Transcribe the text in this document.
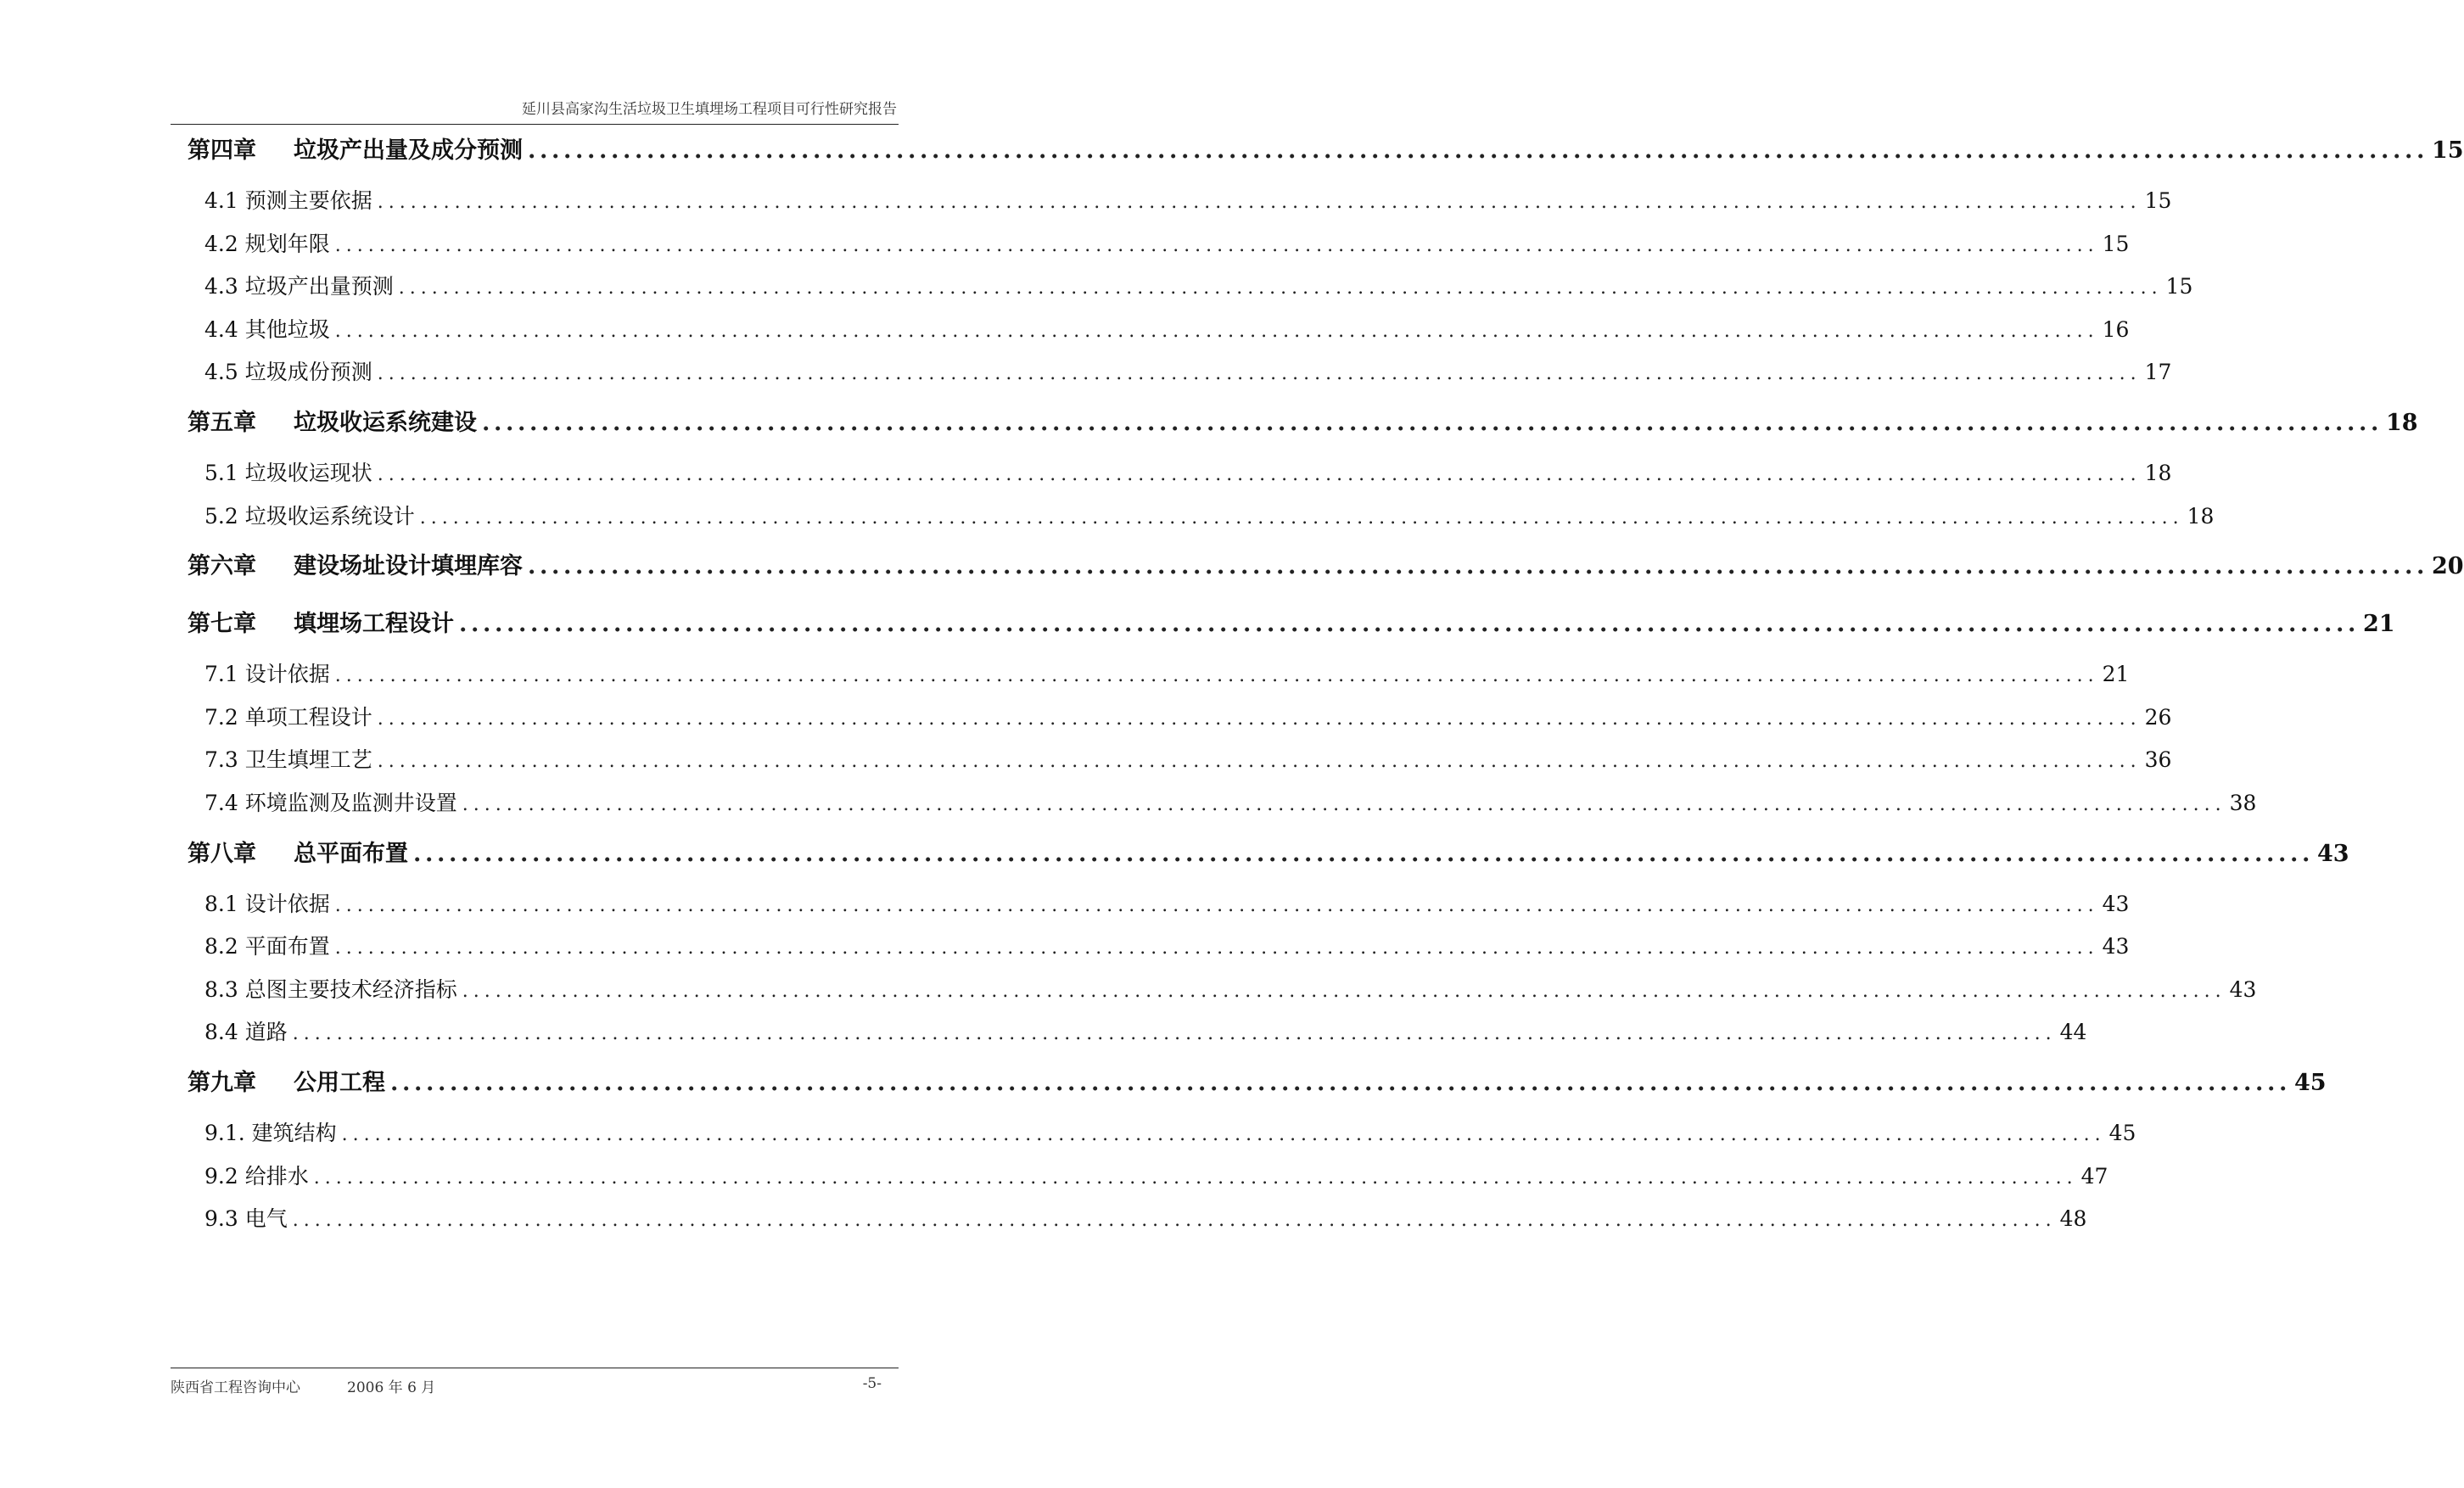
延川县高家沟生活垃圾卫生填埋场工程项目可行性研究报告
第四章 垃圾产出量及成分预测 ................................................................................................................................................................ 15
4.1 预测主要依据 ................................................................................................................................................................ 15
4.2 规划年限 ................................................................................................................................................................ 15
4.3 垃圾产出量预测 ................................................................................................................................................................ 15
4.4 其他垃圾 ................................................................................................................................................................ 16
4.5 垃圾成份预测 ................................................................................................................................................................ 17
第五章 垃圾收运系统建设 ................................................................................................................................................................ 18
5.1 垃圾收运现状 ................................................................................................................................................................ 18
5.2 垃圾收运系统设计 ................................................................................................................................................................ 18
第六章 建设场址设计填埋库容 ................................................................................................................................................................ 20
第七章 填埋场工程设计 ................................................................................................................................................................ 21
7.1 设计依据 ................................................................................................................................................................ 21
7.2 单项工程设计 ................................................................................................................................................................ 26
7.3 卫生填埋工艺 ................................................................................................................................................................ 36
7.4 环境监测及监测井设置 ................................................................................................................................................................ 38
第八章 总平面布置 ................................................................................................................................................................ 43
8.1 设计依据 ................................................................................................................................................................ 43
8.2 平面布置 ................................................................................................................................................................ 43
8.3 总图主要技术经济指标 ................................................................................................................................................................ 43
8.4 道路 ................................................................................................................................................................ 44
第九章 公用工程 ................................................................................................................................................................ 45
9.1. 建筑结构 ................................................................................................................................................................ 45
9.2 给排水 ................................................................................................................................................................ 47
9.3 电气 ................................................................................................................................................................ 48
陕西省工程咨询中心	2006 年 6 月	-5-
